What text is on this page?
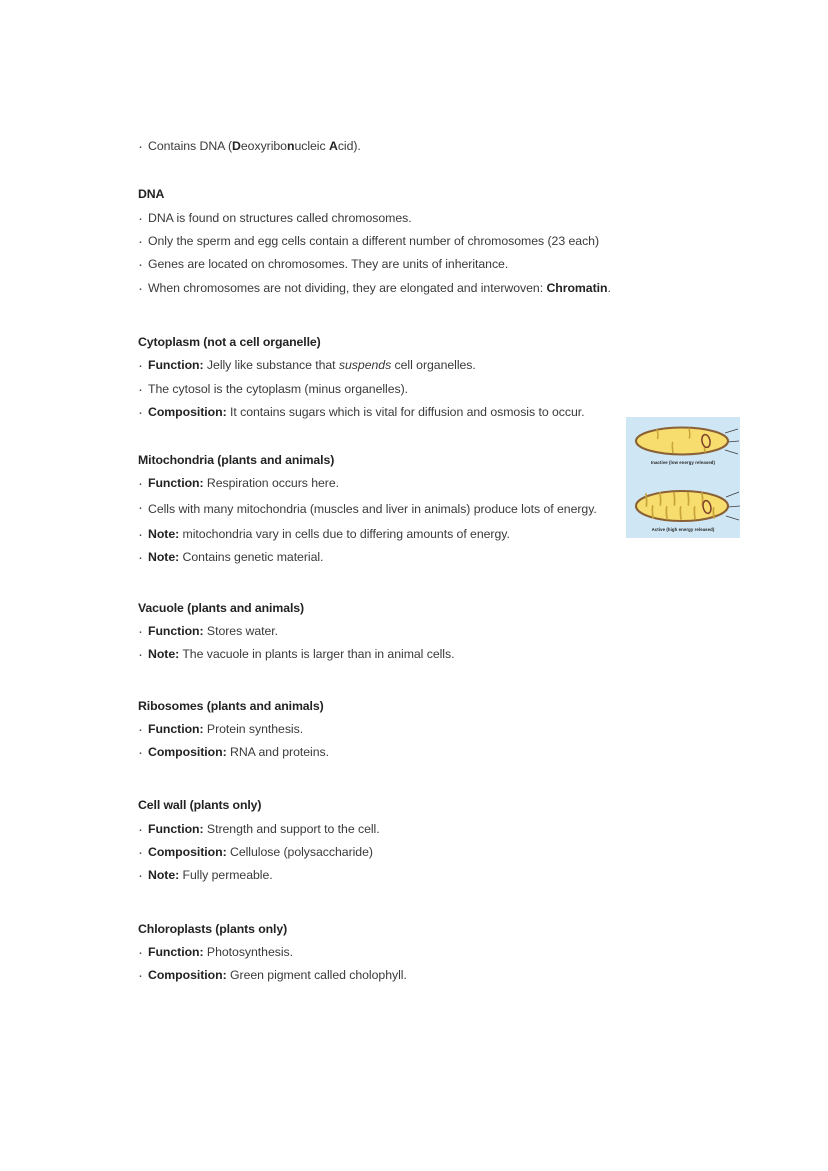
· Contains DNA (Deoxyribonucleic Acid).
DNA
· DNA is found on structures called chromosomes.
· Only the sperm and egg cells contain a different number of chromosomes (23 each)
· Genes are located on chromosomes. They are units of inheritance.
· When chromosomes are not dividing, they are elongated and interwoven: Chromatin.
Cytoplasm (not a cell organelle)
· Function: Jelly like substance that suspends cell organelles.
· The cytosol is the cytoplasm (minus organelles).
· Composition: It contains sugars which is vital for diffusion and osmosis to occur.
Mitochondria (plants and animals)
· Function: Respiration occurs here.
· Cells with many mitochondria (muscles and liver in animals) produce lots of energy.
· Note: mitochondria vary in cells due to differing amounts of energy.
· Note: Contains genetic material.
Vacuole (plants and animals)
· Function: Stores water.
· Note: The vacuole in plants is larger than in animal cells.
Ribosomes (plants and animals)
· Function: Protein synthesis.
· Composition: RNA and proteins.
Cell wall (plants only)
· Function: Strength and support to the cell.
· Composition: Cellulose (polysaccharide)
· Note: Fully permeable.
Chloroplasts (plants only)
· Function: Photosynthesis.
· Composition: Green pigment called cholophyll.
Inactive (low energy released)
Active (high energy released)
